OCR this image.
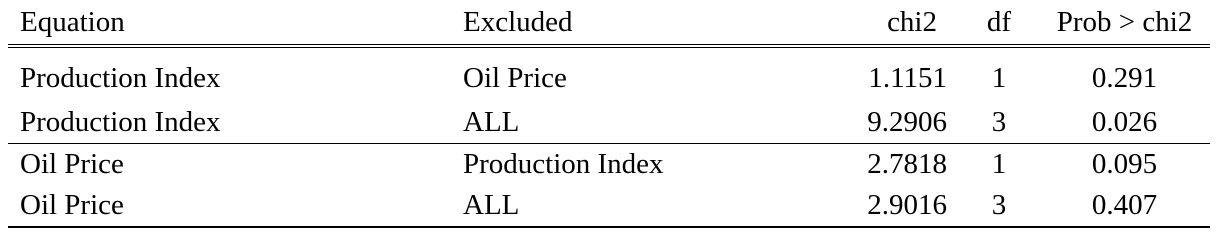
Equation	Excluded	chi2	df	Prob > chi2
Production Index	Oil Price	1.1151	1	0.291
Production Index	ALL	9.2906	3	0.026
Oil Price	Production Index	2.7818	1	0.095
Oil Price	ALL	2.9016	3	0.407
